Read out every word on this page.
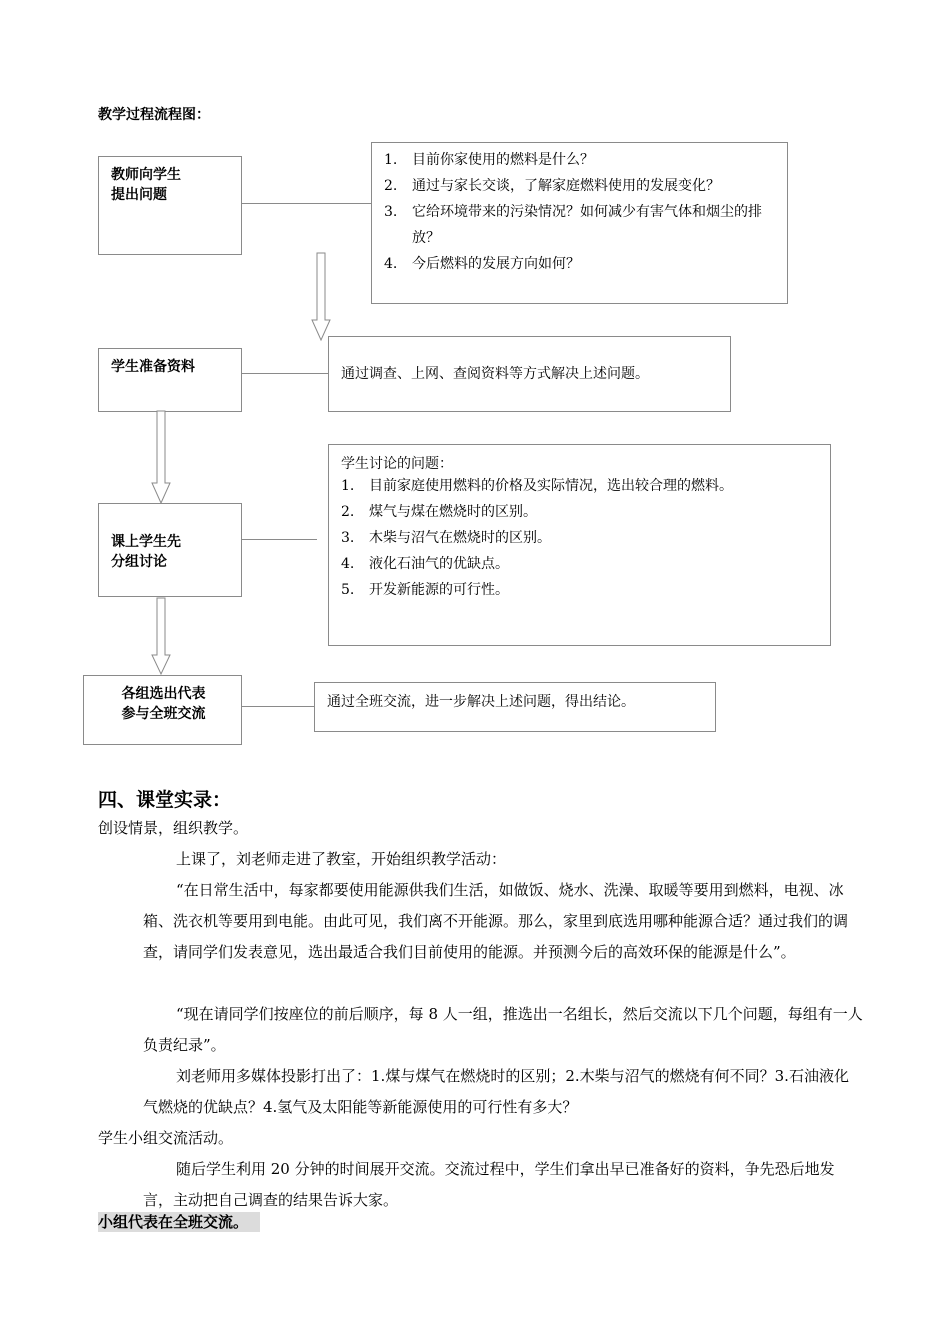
教学过程流程图：
教师向学生
提出问题
1. 目前你家使用的燃料是什么？
2. 通过与家长交谈，了解家庭燃料使用的发展变化？
3. 它给环境带来的污染情况？如何减少有害气体和烟尘的排放？
4. 今后燃料的发展方向如何？
学生准备资料	通过调查、上网、查阅资料等方式解决上述问题。
课上学生先
分组讨论
学生讨论的问题：
1. 目前家庭使用燃料的价格及实际情况，选出较合理的燃料。
2. 煤气与煤在燃烧时的区别。
3. 木柴与沼气在燃烧时的区别。
4. 液化石油气的优缺点。
5. 开发新能源的可行性。
各组选出代表
参与全班交流
通过全班交流，进一步解决上述问题，得出结论。
四、课堂实录：
创设情景，组织教学。
上课了，刘老师走进了教室，开始组织教学活动：
“在日常生活中，每家都要使用能源供我们生活，如做饭、烧水、洗澡、取暖等要用到燃料，电视、冰箱、洗衣机等要用到电能。由此可见，我们离不开能源。那么，家里到底选用哪种能源合适？通过我们的调查，请同学们发表意见，选出最适合我们目前使用的能源。并预测今后的高效环保的能源是什么”。
“现在请同学们按座位的前后顺序，每 8 人一组，推选出一名组长，然后交流以下几个问题，每组有一人负责纪录”。
刘老师用多媒体投影打出了：1.煤与煤气在燃烧时的区别；2.木柴与沼气的燃烧有何不同？3.石油液化气燃烧的优缺点？4.氢气及太阳能等新能源使用的可行性有多大？
学生小组交流活动。
随后学生利用 20 分钟的时间展开交流。交流过程中，学生们拿出早已准备好的资料，争先恐后地发言，主动把自己调查的结果告诉大家。
小组代表在全班交流。
